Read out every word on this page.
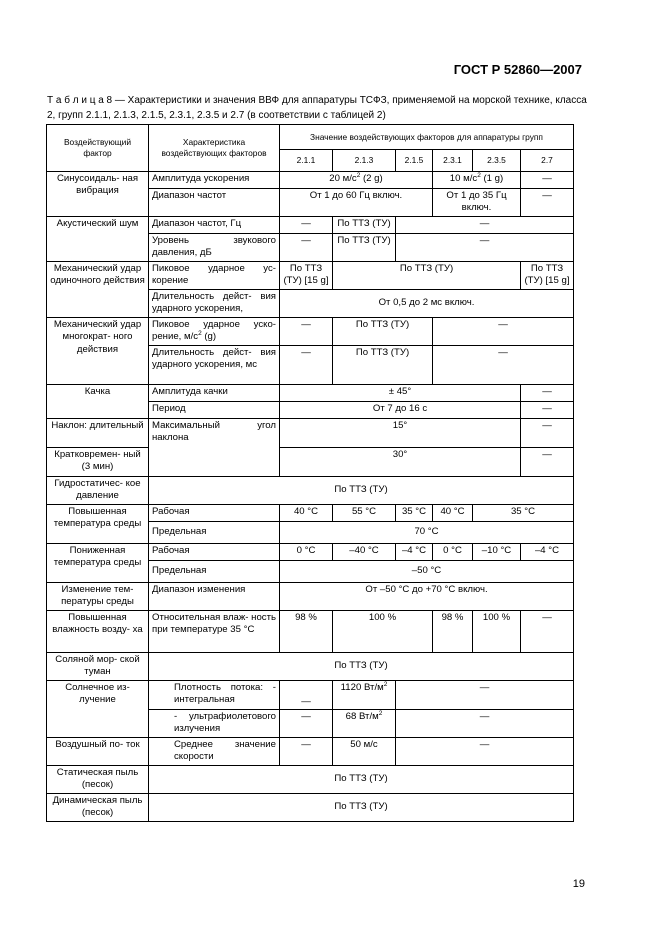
ГОСТ Р 52860—2007
Т а б л и ц а 8 — Характеристики и значения ВВФ для аппаратуры ТСФЗ, применяемой на морской технике, класса 2, групп 2.1.1, 2.1.3, 2.1.5, 2.3.1, 2.3.5 и 2.7 (в соответствии с таблицей 2)
Воздействующий фактор	Характеристика воздействующих факторов	Значение воздействующих факторов для аппаратуры групп					
		2.1.1	2.1.3	2.1.5	2.3.1	2.3.5	2.7
Синусоидаль- ная вибрация	Амплитуда ускорения	20 $м/с^2$ (2 g)			10 $м/с^2$ (1 g)		—
	Диапазон частот	От 1 до 60 Гц включ.			От 1 до 35 Гц включ.		—
Акустический шум	Диапазон частот, Гц	—	По ТТЗ (ТУ)	—			
	Уровень звукового давления, дБ	—	По ТТЗ (ТУ)	—			
Механический удар одиночного действия	Пиковое ударное ус- корение	По ТТЗ (ТУ) [15 g]	По ТТЗ (ТУ)				По ТТЗ (ТУ) [15 g]
	Длительность дейст- вия ударного ускорения,	От 0,5 до 2 мс включ.					
Механический удар многократ- ного действия	Пиковое ударное уско- рение, $м/с^2$ (g)	—	По ТТЗ (ТУ)		—		
	Длительность дейст- вия ударного ускорения, мс	—	По ТТЗ (ТУ)		—		
Качка	Амплитуда качки	± 45°					—
	Период	От 7 до 16 с					—
Наклон: длительный	Максимальный угол наклона	15°					—
Кратковремен- ный (3 мин)		30°					—
Гидростатичес- кое давление	По ТТЗ (ТУ)						
Повышенная температура среды	Рабочая	40 °С	55 °С	35 °С	40 °С	35 °С	
	Предельная	70 °С					
Пониженная температура среды	Рабочая	0 °С	–40 °С	–4 °С	0 °С	–10 °С	–4 °С
	Предельная	–50 °С					
Изменение тем- пературы среды	Диапазон изменения	От –50 °С до +70 °С включ.					
Повышенная влажность возду- ха	Относительная влаж- ность при температуре 35 °С	98 %	100 %		98 %	100 %	—
Соляной мор- ской туман	По ТТЗ (ТУ)						
Солнечное из- лучение	Плотность потока: - интегральная	—	1120 $Вт/м^2$	—			
	- ультрафиолетового излучения	—	68 $Вт/м^2$	—			
Воздушный по- ток	Среднее значение скорости	—	50 м/с	—			
Статическая пыль (песок)	По ТТЗ (ТУ)						
Динамическая пыль (песок)	По ТТЗ (ТУ)						
19
